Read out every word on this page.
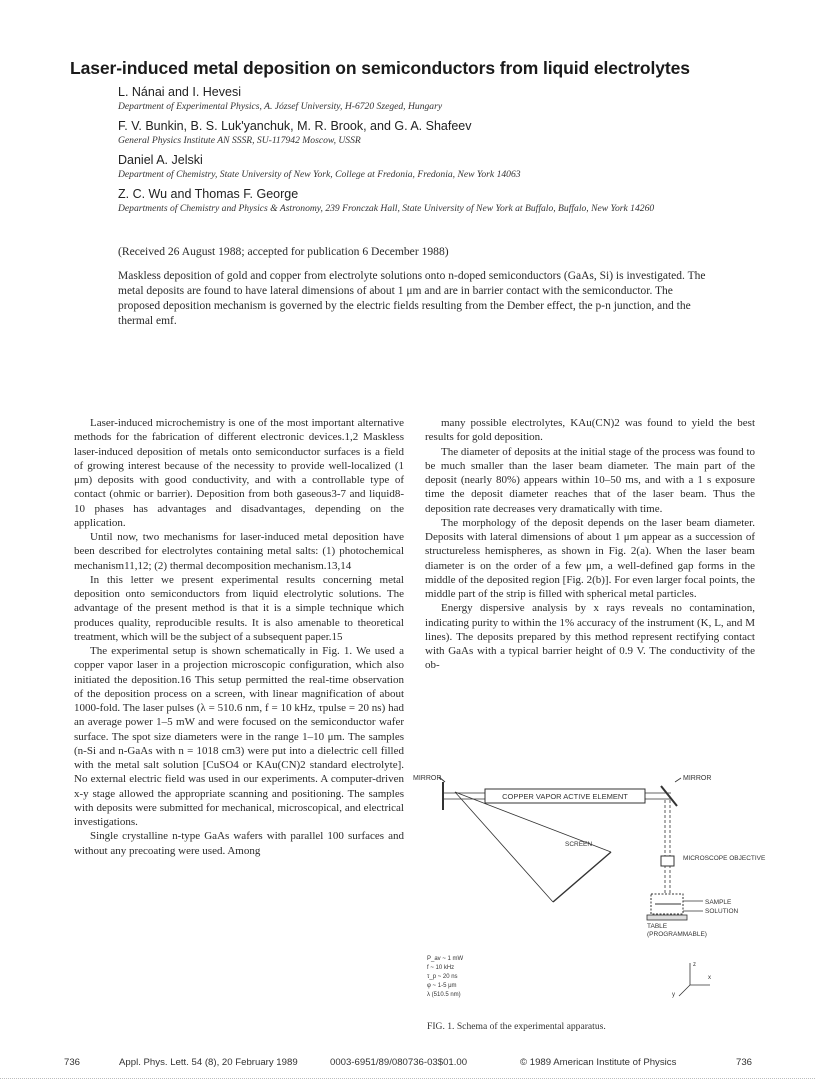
Laser-induced metal deposition on semiconductors from liquid electrolytes

L. Nánai and I. Hevesi

Department of Experimental Physics, A. József University, H-6720 Szeged, Hungary

F. V. Bunkin, B. S. Luk'yanchuk, M. R. Brook, and G. A. Shafeev

General Physics Institute AN SSSR, SU-117942 Moscow, USSR

Daniel A. Jelski

Department of Chemistry, State University of New York, College at Fredonia, Fredonia, New York 14063

Z. C. Wu and Thomas F. George

Departments of Chemistry and Physics & Astronomy, 239 Fronczak Hall, State University of New York at Buffalo, Buffalo, New York 14260

(Received 26 August 1988; accepted for publication 6 December 1988)
Maskless deposition of gold and copper from electrolyte solutions onto n-doped semiconductors (GaAs, Si) is investigated. The metal deposits are found to have lateral dimensions of about 1 μm and are in barrier contact with the semiconductor. The proposed deposition mechanism is governed by the electric fields resulting from the Dember effect, the p-n junction, and the thermal emf.

Laser-induced microchemistry is one of the most important alternative methods for the fabrication of different electronic devices.1,2 Maskless laser-induced deposition of metals onto semiconductor surfaces is a field of growing interest because of the necessity to provide well-localized (1 μm) deposits with good conductivity, and with a controllable type of contact (ohmic or barrier). Deposition from both gaseous3-7 and liquid8-10 phases has advantages and disadvantages, depending on the application.

Until now, two mechanisms for laser-induced metal deposition have been described for electrolytes containing metal salts: (1) photochemical mechanism11,12; (2) thermal decomposition mechanism.13,14

In this letter we present experimental results concerning metal deposition onto semiconductors from liquid electrolytic solutions. The advantage of the present method is that it is a simple technique which produces quality, reproducible results. It is also amenable to theoretical treatment, which will be the subject of a subsequent paper.15

The experimental setup is shown schematically in Fig. 1. We used a copper vapor laser in a projection microscopic configuration, which also initiated the deposition.16 This setup permitted the real-time observation of the deposition process on a screen, with linear magnification of about 1000-fold. The laser pulses (λ = 510.6 nm, f = 10 kHz, τpulse = 20 ns) had an average power 1–5 mW and were focused on the semiconductor wafer surface. The spot size diameters were in the range 1–10 μm. The samples (n-Si and n-GaAs with n = 1018 cm3) were put into a dielectric cell filled with the metal salt solution [CuSO4 or KAu(CN)2 standard electrolyte]. No external electric field was used in our experiments. A computer-driven x-y stage allowed the appropriate scanning and positioning. The samples with deposits were submitted for mechanical, microscopical, and electrical investigations.

Single crystalline n-type GaAs wafers with parallel 100 surfaces and without any precoating were used. Among

many possible electrolytes, KAu(CN)2 was found to yield the best results for gold deposition.

The diameter of deposits at the initial stage of the process was found to be much smaller than the laser beam diameter. The main part of the deposit (nearly 80%) appears within 10–50 ms, and with a 1 s exposure time the deposit diameter reaches that of the laser beam. Thus the deposition rate decreases very dramatically with time.

The morphology of the deposit depends on the laser beam diameter. Deposits with lateral dimensions of about 1 μm appear as a succession of structureless hemispheres, as shown in Fig. 2(a). When the laser beam diameter is on the order of a few μm, a well-defined gap forms in the middle of the deposited region [Fig. 2(b)]. For even larger focal points, the middle part of the strip is filled with spherical metal particles.

Energy dispersive analysis by x rays reveals no contamination, indicating purity to within the 1% accuracy of the instrument (K, L, and M lines). The deposits prepared by this method represent rectifying contact with GaAs with a typical barrier height of 0.9 V. The conductivity of the ob-

MIRROR
COPPER VAPOR ACTIVE ELEMENT
MIRROR
MICROSCOPE OBJECTIVE
SAMPLE
SOLUTION
TABLE
(PROGRAMMABLE)
SCREEN
P_av ~ 1 mW
f ~ 10 kHz
τ_p ~ 20 ns
φ ~ 1-5 μm
λ (510.5 nm)
z
x
y
FIG. 1. Schema of the experimental apparatus.
736	Appl. Phys. Lett. 54 (8), 20 February 1989	0003-6951/89/080736-03$01.00	© 1989 American Institute of Physics	736
